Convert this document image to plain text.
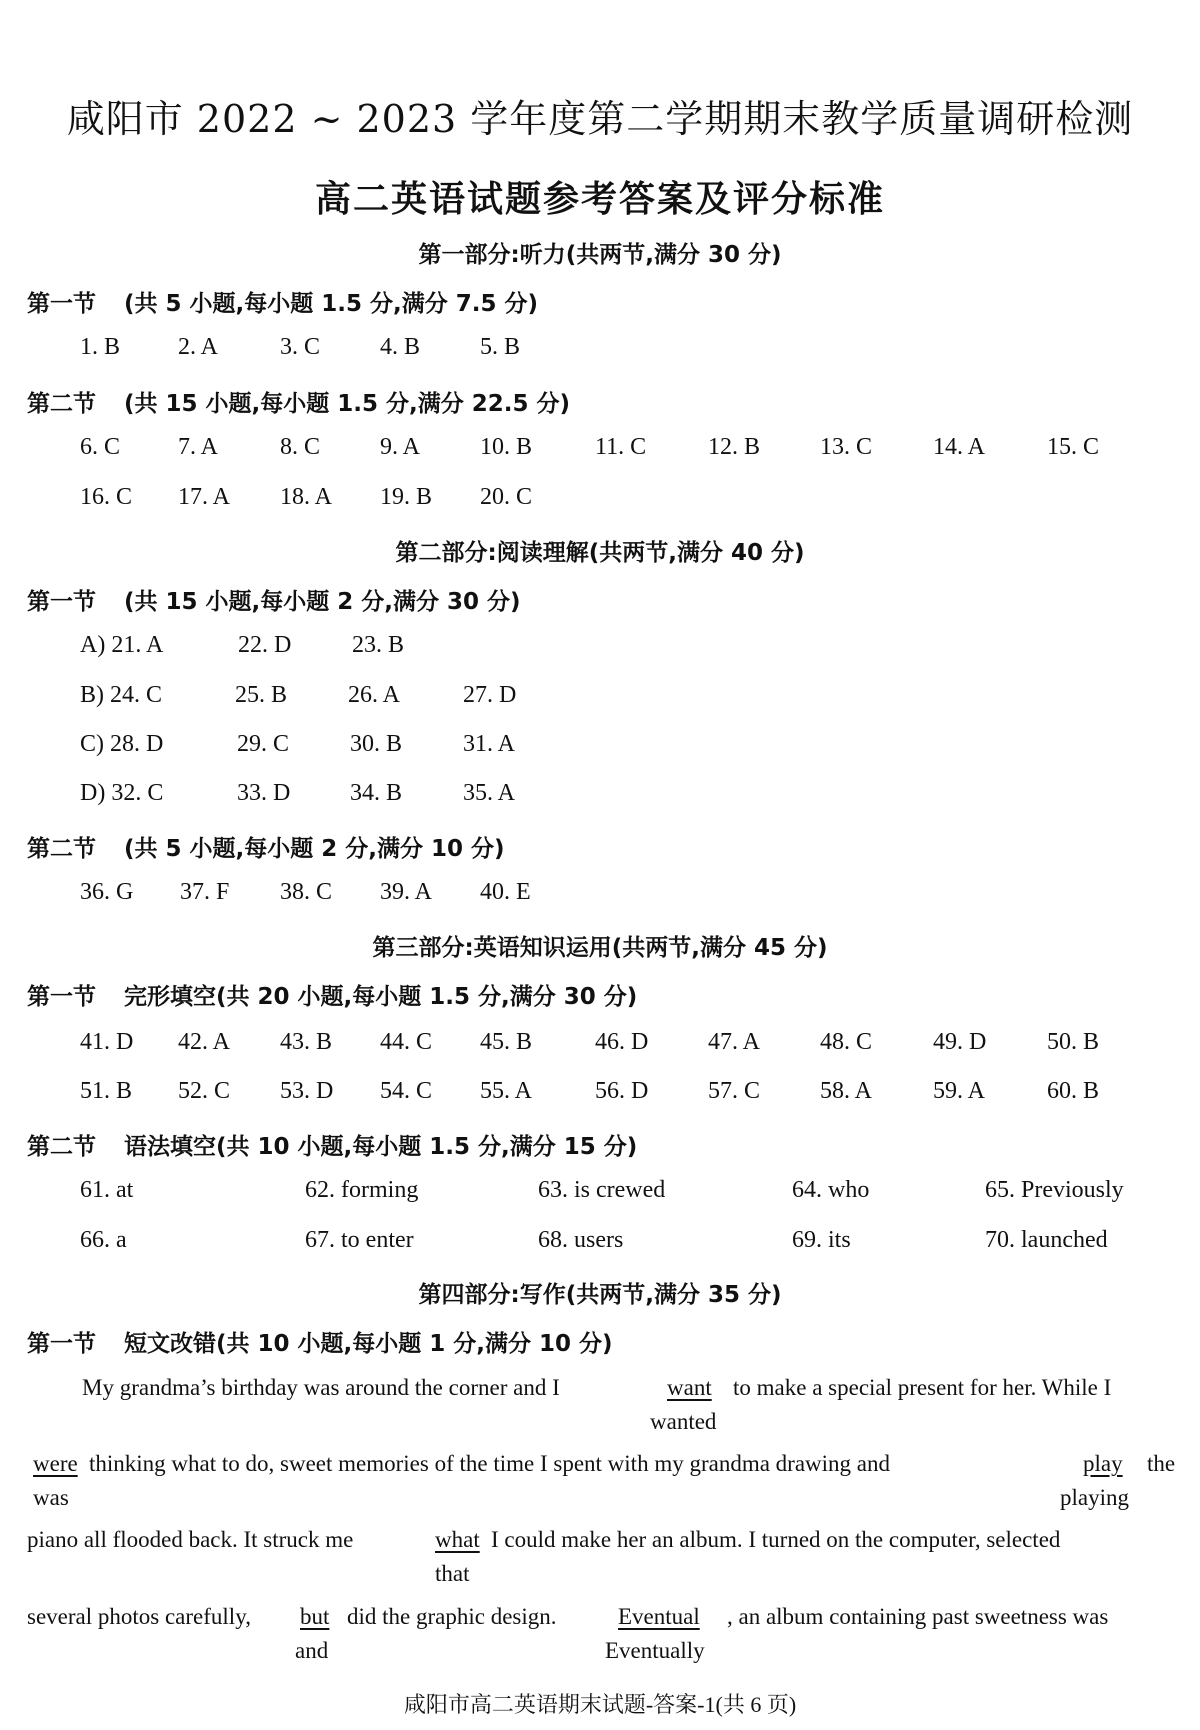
咸阳市 2022 ~ 2023 学年度第二学期期末教学质量调研检测
高二英语试题参考答案及评分标准
第一部分:听力(共两节,满分 30 分)
第一节 (共 5 小题,每小题 1.5 分,满分 7.5 分)
1. B 2. A	3. C 4. B 5. B
第二节 (共 15 小题,每小题 1.5 分,满分 22.5 分)
6. C 7. A	8. C 9. A 10. B	11. C	12. B 13. C	14. A	15. C
16. C 17. A 18. A 19. B 20. C
第二部分:阅读理解(共两节,满分 40 分)
第一节 (共 15 小题,每小题 2 分,满分 30 分)
A) 21. A	22. D	23. B
B) 24. C	25. B	26. A	27. D
C) 28. D	29. C	30. B	31. A
D) 32. C	33. D 34. B	35. A
第二节 (共 5 小题,每小题 2 分,满分 10 分)
36. G 37. F 38. C 39. A 40. E
第三部分:英语知识运用(共两节,满分 45 分)
第一节 完形填空(共 20 小题,每小题 1.5 分,满分 30 分)
41. D 42. A 43. B 44. C 45. B	46. D 47. A 48. C	49. D	50. B
51. B 52. C 53. D 54. C 55. A	56. D 57. C 58. A	59. A	60. B
第二节 语法填空(共 10 小题,每小题 1.5 分,满分 15 分)
61. at	62. forming	63. is crewed	64. who	65. Previously
66. a	67. to enter	68. users	69. its	70. launched
第四部分:写作(共两节,满分 35 分)
第一节 短文改错(共 10 小题,每小题 1 分,满分 10 分)
My grandma’s birthday was around the corner and I	want to make a special present for her. While I
wanted
were thinking what to do, sweet memories of the time I spent with my grandma drawing and	play the
was	playing
piano all flooded back. It struck me	what I could make her an album. I turned on the computer, selected
that
several photos carefully, but did the graphic design.	Eventual , an album containing past sweetness was
and	Eventually
咸阳市高二英语期末试题-答案-1(共 6 页)
